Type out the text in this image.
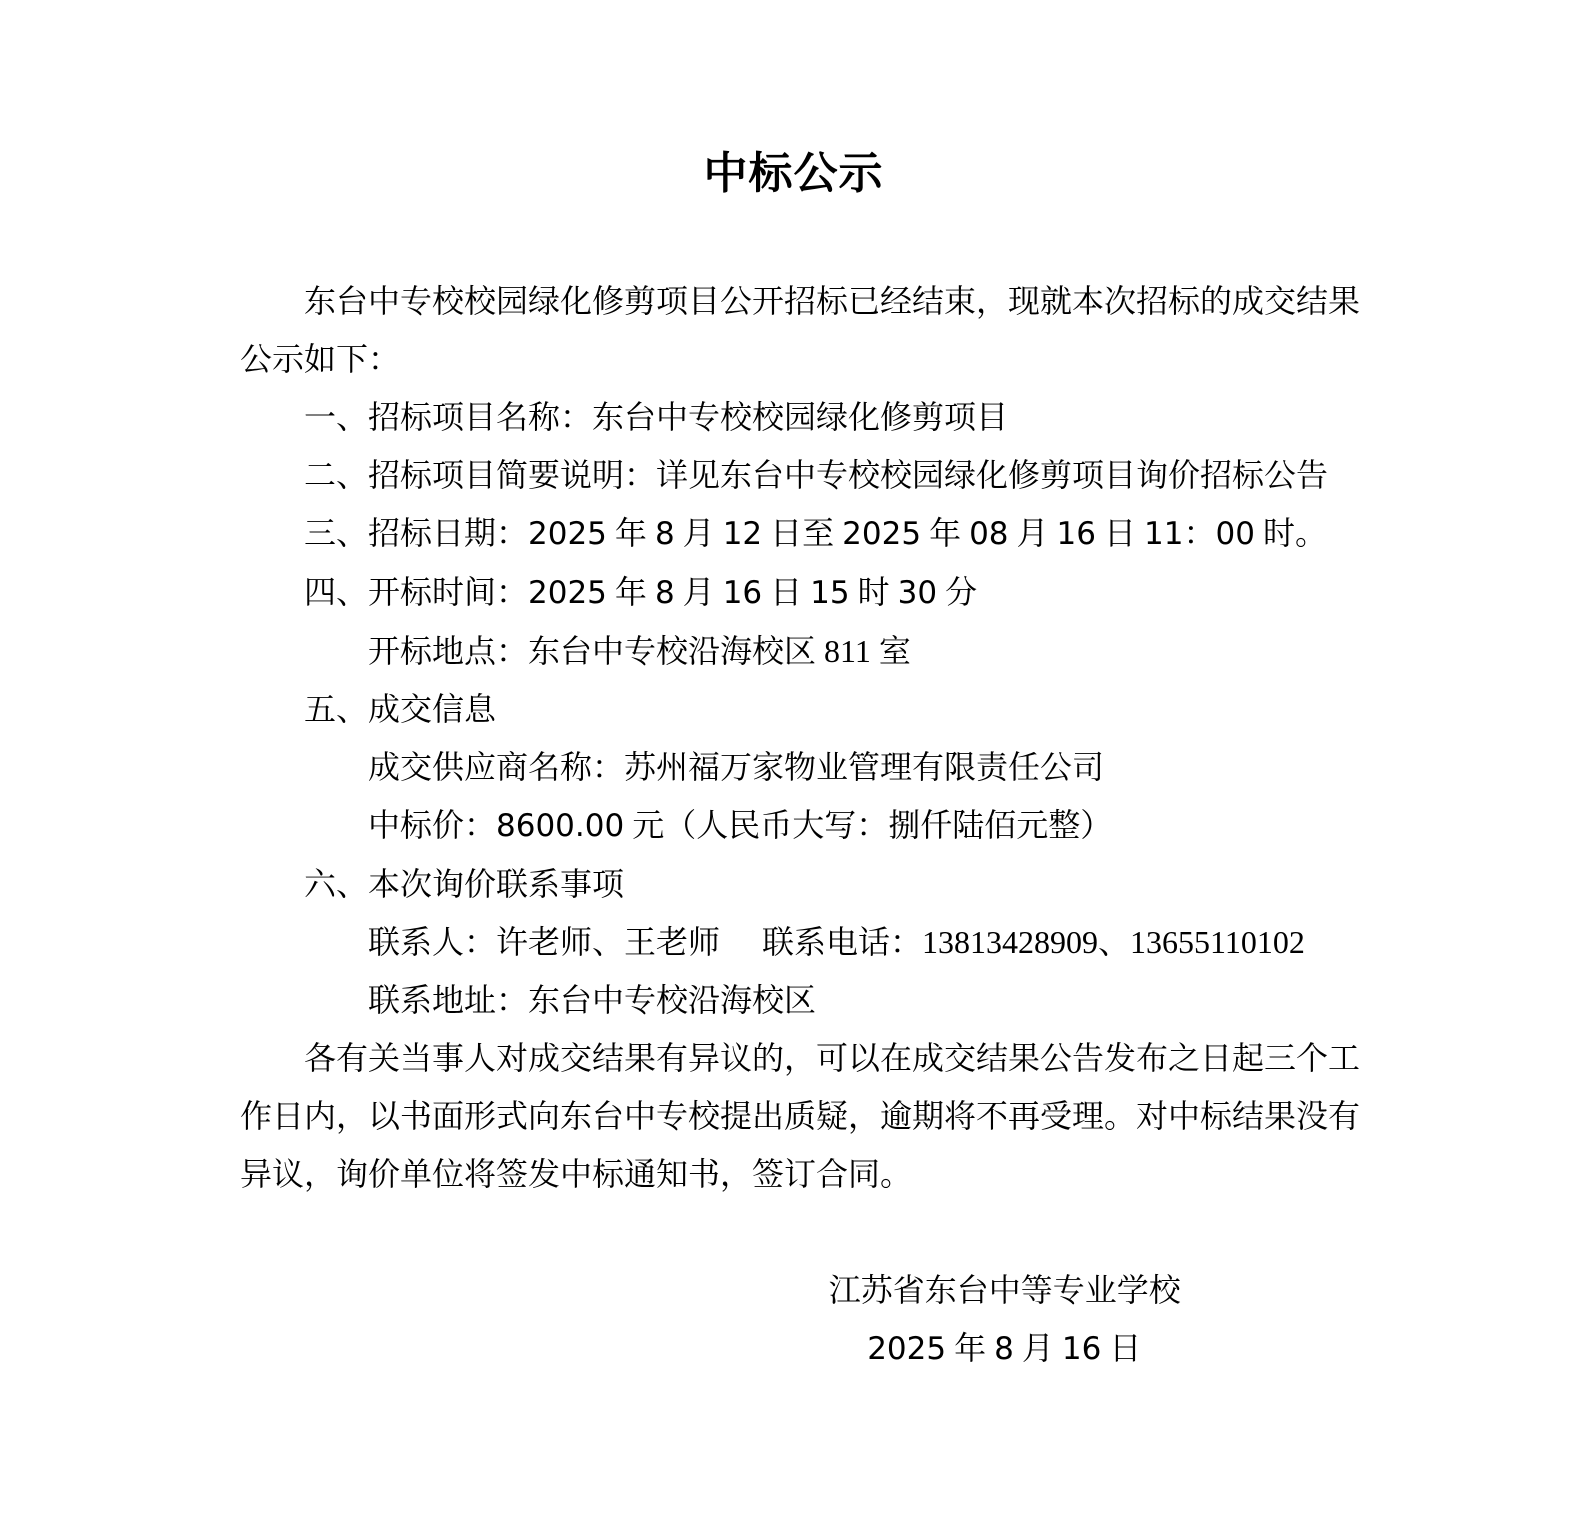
中标公示
东台中专校校园绿化修剪项目公开招标已经结束，现就本次招标的成交结果
公示如下：
一、招标项目名称：东台中专校校园绿化修剪项目
二、招标项目简要说明：详见东台中专校校园绿化修剪项目询价招标公告
三、招标日期：2025 年 8 月 12 日至 2025 年 08 月 16 日 11：00 时。
四、开标时间：2025 年 8 月 16 日 15 时 30 分
开标地点：东台中专校沿海校区 811 室
五、成交信息
成交供应商名称：苏州福万家物业管理有限责任公司
中标价：8600.00 元（人民币大写：捌仟陆佰元整）
六、本次询价联系事项
联系人：许老师、王老师 联系电话：13813428909、13655110102
联系地址：东台中专校沿海校区
各有关当事人对成交结果有异议的，可以在成交结果公告发布之日起三个工
作日内，以书面形式向东台中专校提出质疑，逾期将不再受理。对中标结果没有
异议，询价单位将签发中标通知书，签订合同。
江苏省东台中等专业学校
2025 年 8 月 16 日
